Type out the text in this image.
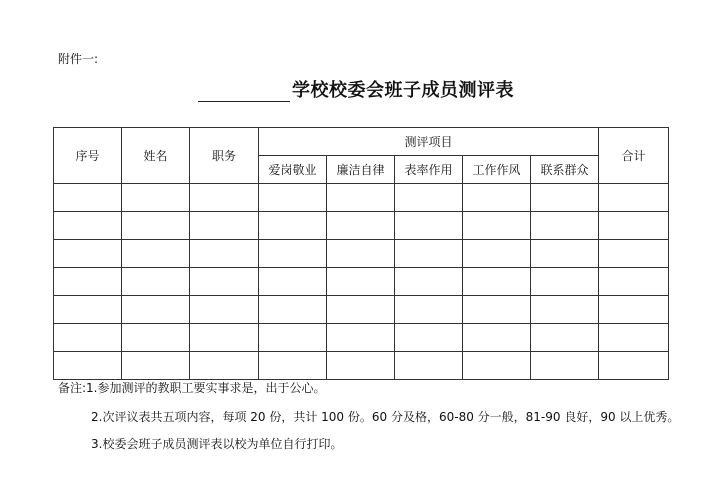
附件一:
学校校委会班子成员测评表
序号	姓名	职务	测评项目					合计
			爱岗敬业	廉洁自律	表率作用	工作作风	联系群众	

备注:1.参加测评的教职工要实事求是，出于公心。
2.次评议表共五项内容，每项 20 份，共计 100 份。60 分及格，60-80 分一般，81-90 良好，90 以上优秀。
3.校委会班子成员测评表以校为单位自行打印。
